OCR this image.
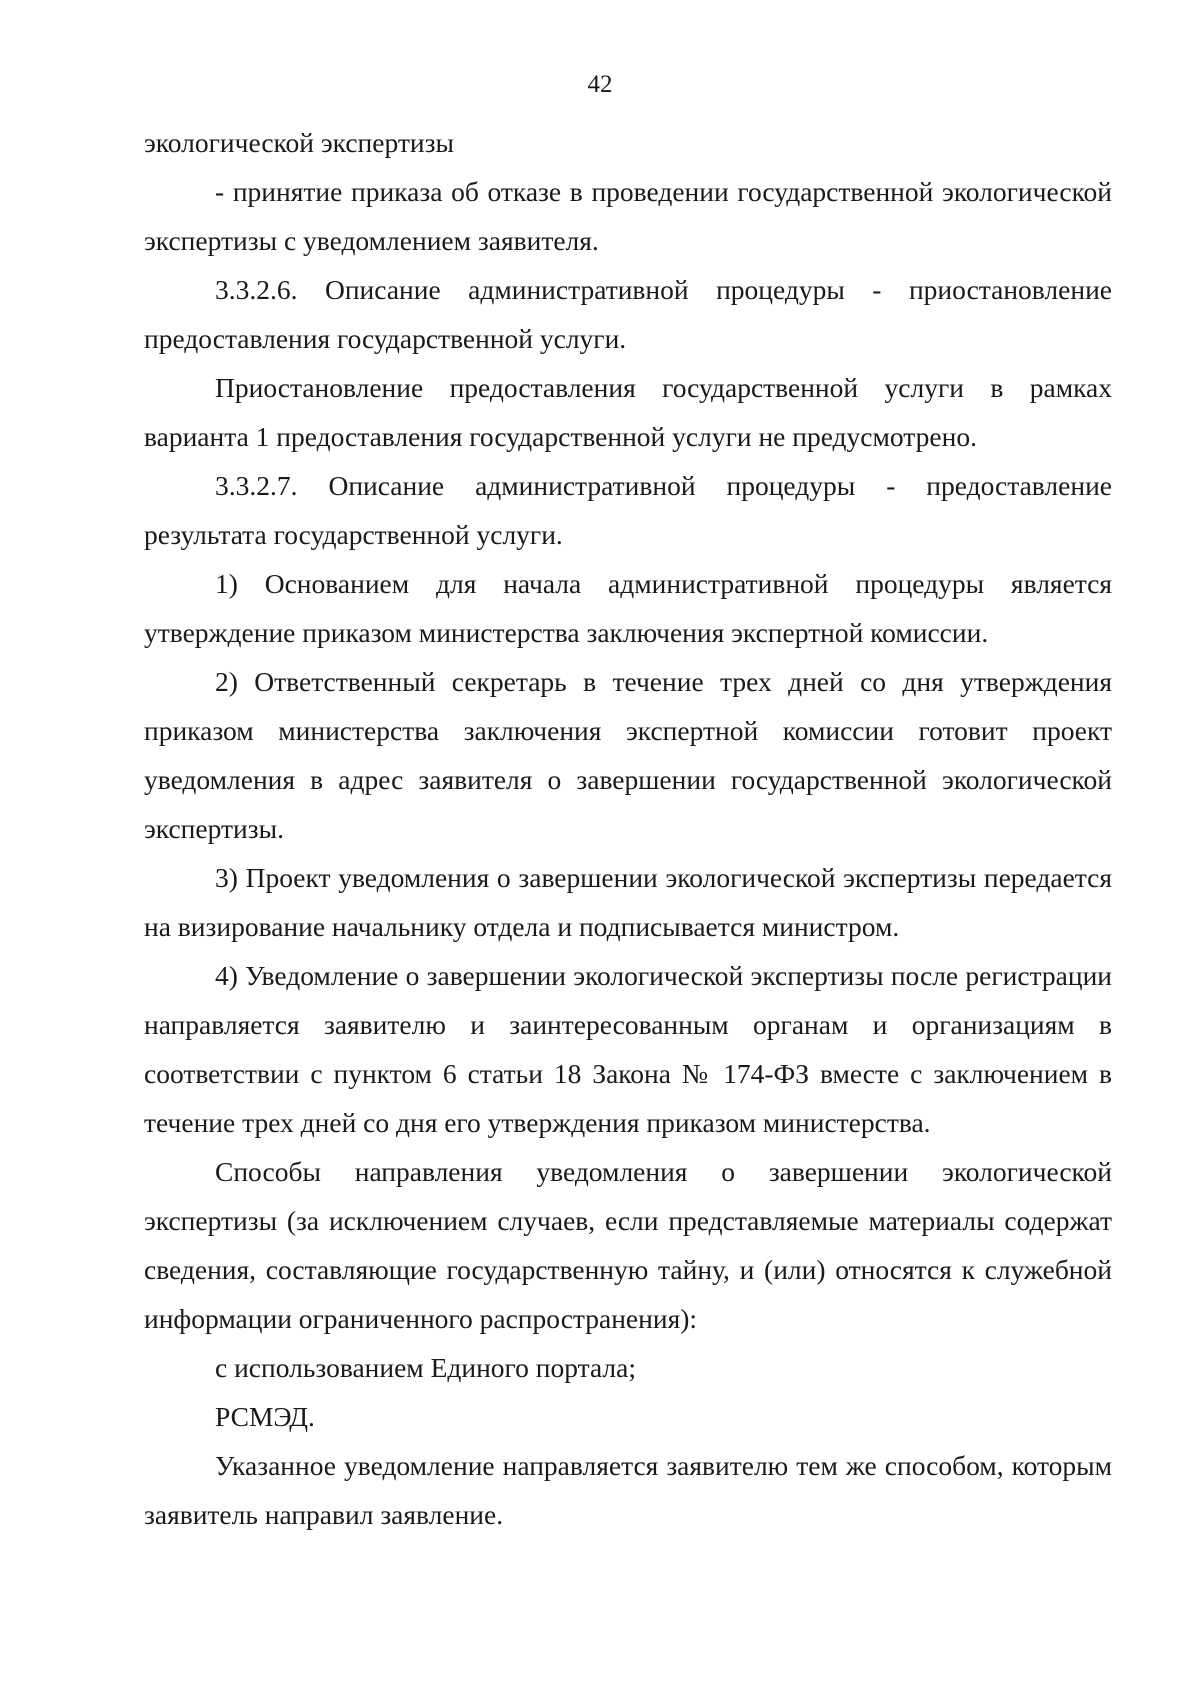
42

экологической экспертизы

- принятие приказа об отказе в проведении государственной экологической экспертизы с уведомлением заявителя.

3.3.2.6. Описание административной процедуры - приостановление предоставления государственной услуги.

Приостановление предоставления государственной услуги в рамках варианта 1 предоставления государственной услуги не предусмотрено.

3.3.2.7. Описание административной процедуры - предоставление результата государственной услуги.

1) Основанием для начала административной процедуры является утверждение приказом министерства заключения экспертной комиссии.

2) Ответственный секретарь в течение трех дней со дня утверждения приказом министерства заключения экспертной комиссии готовит проект уведомления в адрес заявителя о завершении государственной экологической экспертизы.

3) Проект уведомления о завершении экологической экспертизы передается на визирование начальнику отдела и подписывается министром.

4) Уведомление о завершении экологической экспертизы после регистрации направляется заявителю и заинтересованным органам и организациям в соответствии с пунктом 6 статьи 18 Закона № 174-ФЗ вместе с заключением в течение трех дней со дня его утверждения приказом министерства.

Способы направления уведомления о завершении экологической экспертизы (за исключением случаев, если представляемые материалы содержат сведения, составляющие государственную тайну, и (или) относятся к служебной информации ограниченного распространения):

с использованием Единого портала;

РСМЭД.

Указанное уведомление направляется заявителю тем же способом, которым заявитель направил заявление.
